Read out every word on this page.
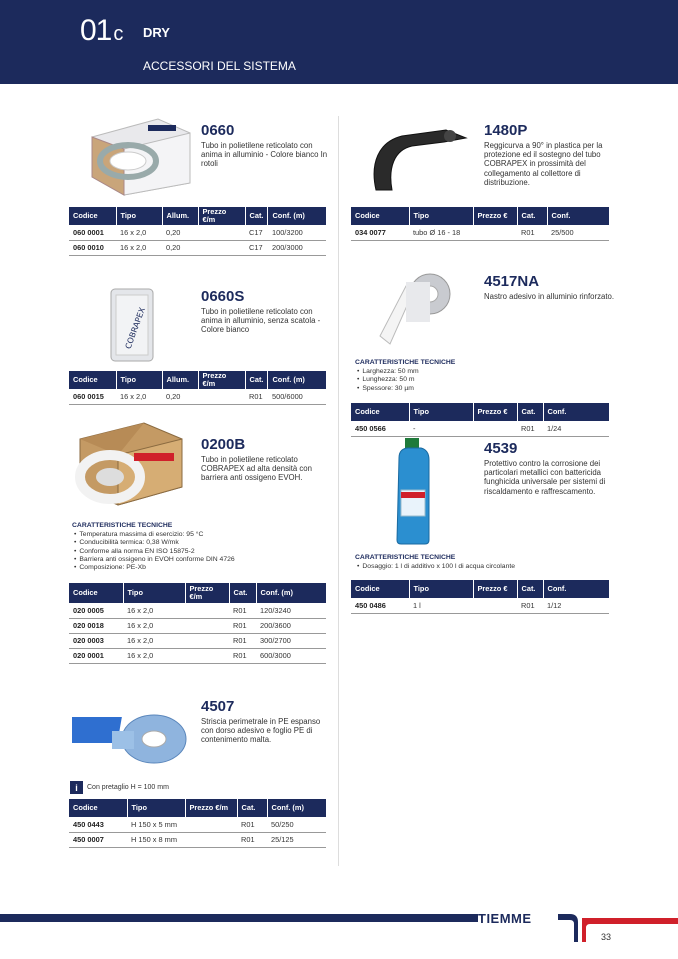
01 c DRY
ACCESSORI DEL SISTEMA
0660
Tubo in polietilene reticolato con anima in alluminio - Colore bianco In rotoli
Codice	Tipo	Allum.	Prezzo €/m	Cat.	Conf. (m)
060 0001	16 x 2,0	0,20		C17	100/3200
060 0010	16 x 2,0	0,20		C17	200/3000
COBRAPEX
0660S
Tubo in polietilene reticolato con anima in alluminio, senza scatola - Colore bianco
Codice	Tipo	Allum.	Prezzo €/m	Cat.	Conf. (m)
060 0015	16 x 2,0	0,20		R01	500/6000
0200B
Tubo in polietilene reticolato COBRAPEX ad alta densità con barriera anti ossigeno EVOH.
CARATTERISTICHE TECNICHE
• Temperatura massima di esercizio: 95 °C
• Conducibilità termica: 0,38 W/mk
• Conforme alla norma EN ISO 15875-2
• Barriera anti ossigeno in EVOH conforme DIN 4726
• Composizione: PE-Xb
Codice	Tipo	Prezzo €/m	Cat.	Conf. (m)
020 0005	16 x 2,0		R01	120/3240
020 0018	16 x 2,0		R01	200/3600
020 0003	16 x 2,0		R01	300/2700
020 0001	16 x 2,0		R01	600/3000
4507
Striscia perimetrale in PE espanso con dorso adesivo e foglio PE di contenimento malta.
i	Con pretaglio H = 100 mm
Codice	Tipo	Prezzo €/m	Cat.	Conf. (m)
450 0443	H 150 x 5 mm		R01	50/250
450 0007	H 150 x 8 mm		R01	25/125
1480P
Reggicurva a 90° in plastica per la protezione ed il sostegno del tubo COBRAPEX in prossimità del collegamento al collettore di distribuzione.
Codice	Tipo	Prezzo €	Cat.	Conf.
034 0077	tubo Ø 16 - 18		R01	25/500
4517NA
Nastro adesivo in alluminio rinforzato.
CARATTERISTICHE TECNICHE
• Larghezza: 50 mm
• Lunghezza: 50 m
• Spessore: 30 µm
Codice	Tipo	Prezzo €	Cat.	Conf.
450 0566	-		R01	1/24
4539
Protettivo contro la corrosione dei particolari metallici con battericida funghicida universale per sistemi di riscaldamento e raffrescamento.
CARATTERISTICHE TECNICHE
• Dosaggio: 1 l di additivo x 100 l di acqua circolante
Codice	Tipo	Prezzo €	Cat.	Conf.
450 0486	1 l		R01	1/12
TIEMME
33
